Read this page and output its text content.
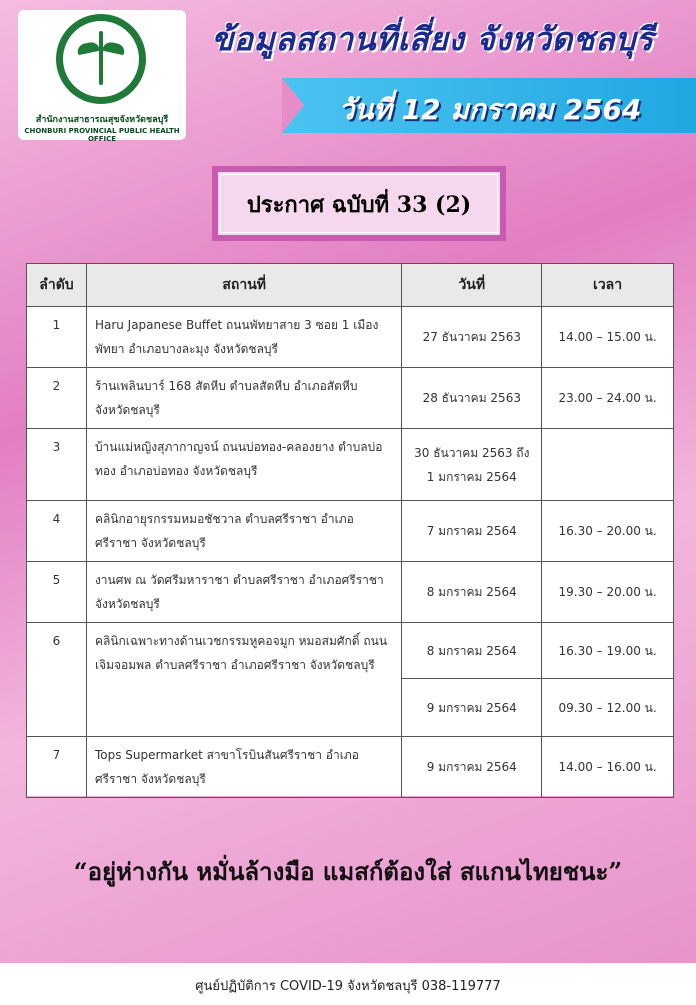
สำนักงานสาธารณสุขจังหวัดชลบุรี
CHONBURI PROVINCIAL PUBLIC HEALTH OFFICE
ข้อมูลสถานที่เสี่ยง จังหวัดชลบุรี
วันที่ 12 มกราคม 2564
ประกาศ ฉบับที่ 33 (2)
ลำดับ	สถานที่	วันที่	เวลา
1	Haru Japanese Buffet ถนนพัทยาสาย 3 ซอย 1 เมืองพัทยา อำเภอบางละมุง จังหวัดชลบุรี	27 ธันวาคม 2563	14.00 – 15.00 น.
2	ร้านเพลินบาร์ 168 สัตหีบ ตำบลสัตหีบ อำเภอสัตหีบ จังหวัดชลบุรี	28 ธันวาคม 2563	23.00 – 24.00 น.
3	บ้านแม่หญิงสุภากาญจน์ ถนนบ่อทอง-คลองยาง ตำบลบ่อทอง อำเภอบ่อทอง จังหวัดชลบุรี	30 ธันวาคม 2563 ถึง 1 มกราคม 2564	
4	คลินิกอายุรกรรมหมอชัชวาล ตำบลศรีราชา อำเภอศรีราชา จังหวัดชลบุรี	7 มกราคม 2564	16.30 – 20.00 น.
5	งานศพ ณ วัดศรีมหาราชา ตำบลศรีราชา อำเภอศรีราชา จังหวัดชลบุรี	8 มกราคม 2564	19.30 – 20.00 น.
6	คลินิกเฉพาะทางด้านเวชกรรมหูคอจมูก หมอสมศักดิ์ ถนนเจิมจอมพล ตำบลศรีราชา อำเภอศรีราชา จังหวัดชลบุรี	8 มกราคม 2564	16.30 – 19.00 น.
		9 มกราคม 2564	09.30 – 12.00 น.
7	Tops Supermarket สาขาโรบินสันศรีราชา อำเภอศรีราชา จังหวัดชลบุรี	9 มกราคม 2564	14.00 – 16.00 น.
“อยู่ห่างกัน หมั่นล้างมือ แมสก์ต้องใส่ สแกนไทยชนะ”
ศูนย์ปฏิบัติการ COVID-19 จังหวัดชลบุรี 038-119777
